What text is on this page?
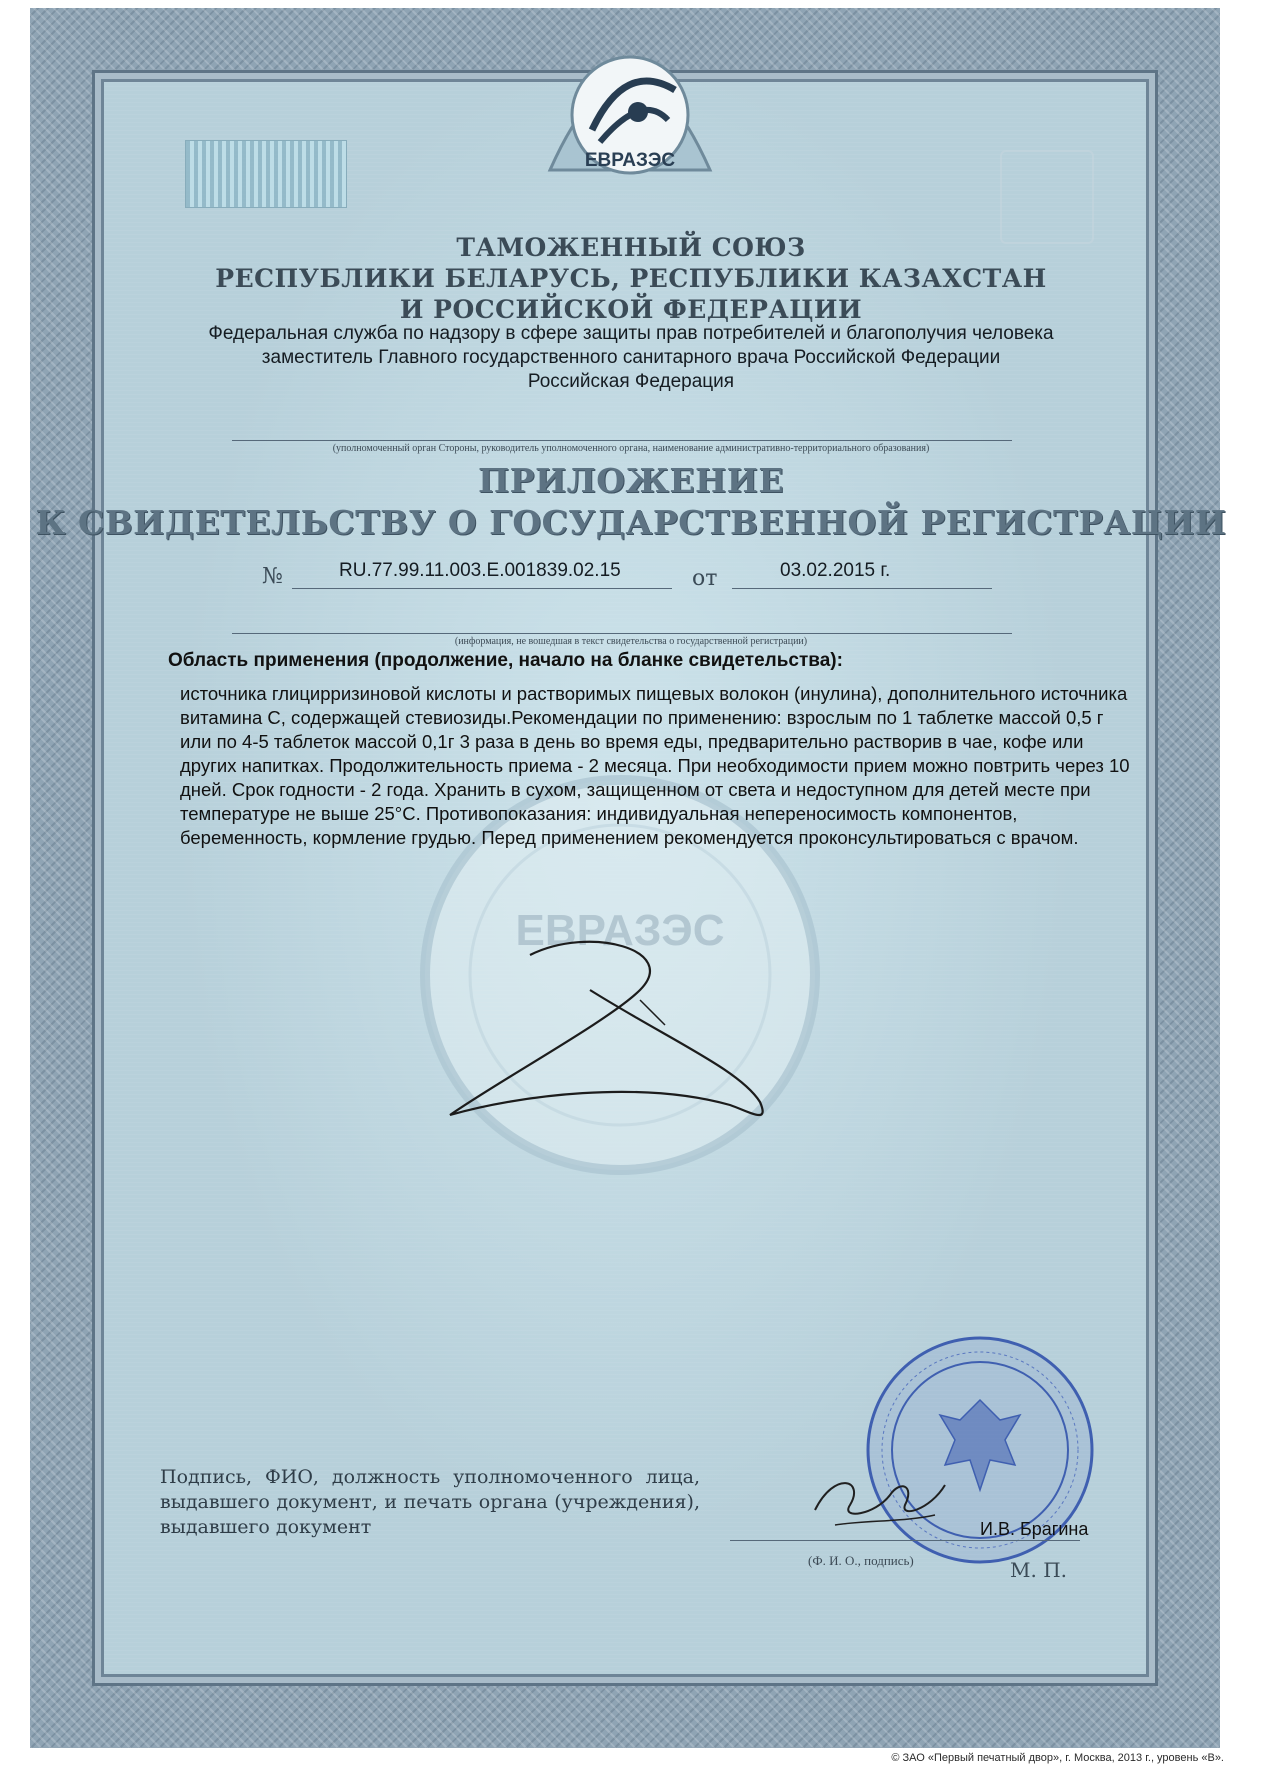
ЕВРАЗЭС
ТАМОЖЕННЫЙ СОЮЗ
РЕСПУБЛИКИ БЕЛАРУСЬ, РЕСПУБЛИКИ КАЗАХСТАН
И РОССИЙСКОЙ ФЕДЕРАЦИИ
Федеральная служба по надзору в сфере защиты прав потребителей и благополучия человека
заместитель Главного государственного санитарного врача Российской Федерации
Российская Федерация
(уполномоченный орган Стороны, руководитель уполномоченного органа, наименование административно-территориального образования)
ПРИЛОЖЕНИЕ
К СВИДЕТЕЛЬСТВУ О ГОСУДАРСТВЕННОЙ РЕГИСТРАЦИИ
№	RU.77.99.11.003.E.001839.02.15	от	03.02.2015 г.
(информация, не вошедшая в текст свидетельства о государственной регистрации)
ЕВРАЗЭС
Область применения (продолжение, начало на бланке свидетельства):
источника глицирризиновой кислоты и растворимых пищевых волокон (инулина), дополнительного источника витамина С, содержащей стевиозиды.Рекомендации по применению: взрослым по 1 таблетке массой 0,5 г или по 4-5 таблеток массой 0,1г 3 раза в день во время еды, предварительно растворив в чае, кофе или других напитках. Продолжительность приема - 2 месяца. При необходимости прием можно повтрить через 10 дней. Срок годности - 2 года. Хранить в сухом, защищенном от света и недоступном для детей месте при температуре не выше 25°С. Противопоказания: индивидуальная непереносимость компонентов, беременность, кормление грудью. Перед применением рекомендуется проконсультироваться с врачом.
Подпись, ФИО, должность уполномоченного лица, выдавшего документ, и печать органа (учреждения), выдавшего документ	И.В. Брагина
(Ф. И. О., подпись)	М. П.
© ЗАО «Первый печатный двор», г. Москва, 2013 г., уровень «В».
